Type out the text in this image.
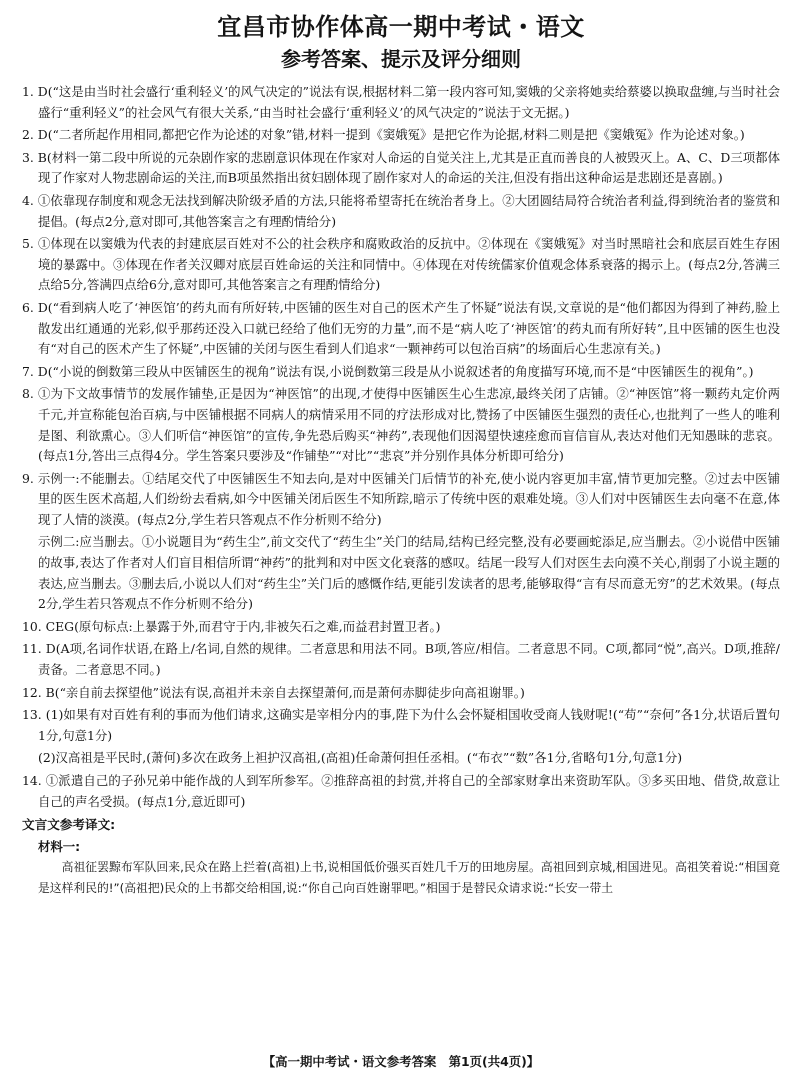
宜昌市协作体高一期中考试・语文
参考答案、提示及评分细则

1. D(“这是由当时社会盛行‘重利轻义’的风气决定的”说法有误,根据材料二第一段内容可知,窦娥的父亲将她卖给蔡婆以换取盘缠,与当时社会盛行“重利轻义”的社会风气有很大关系,“由当时社会盛行‘重利轻义’的风气决定的”说法于文无据。)

2. D(“二者所起作用相同,都把它作为论述的对象”错,材料一提到《窦娥冤》是把它作为论据,材料二则是把《窦娥冤》作为论述对象。)

3. B(材料一第二段中所说的元杂剧作家的悲剧意识体现在作家对人命运的自觉关注上,尤其是正直而善良的人被毁灭上。A、C、D三项都体现了作家对人物悲剧命运的关注,而B项虽然指出贫妇剧体现了剧作家对人的命运的关注,但没有指出这种命运是悲剧还是喜剧。)

4. ①依靠现存制度和观念无法找到解决阶级矛盾的方法,只能将希望寄托在统治者身上。②大团圆结局符合统治者利益,得到统治者的鉴赏和提倡。(每点2分,意对即可,其他答案言之有理酌情给分)

5. ①体现在以窦娥为代表的封建底层百姓对不公的社会秩序和腐败政治的反抗中。②体现在《窦娥冤》对当时黑暗社会和底层百姓生存困境的暴露中。③体现在作者关汉卿对底层百姓命运的关注和同情中。④体现在对传统儒家价值观念体系衰落的揭示上。(每点2分,答满三点给5分,答满四点给6分,意对即可,其他答案言之有理酌情给分)

6. D(“看到病人吃了‘神医馆’的药丸而有所好转,中医铺的医生对自己的医术产生了怀疑”说法有误,文章说的是“他们都因为得到了神药,脸上散发出红通通的光彩,似乎那药还没入口就已经给了他们无穷的力量”,而不是“病人吃了‘神医馆’的药丸而有所好转”,且中医铺的医生也没有“对自己的医术产生了怀疑”,中医铺的关闭与医生看到人们追求“一颗神药可以包治百病”的场面后心生悲凉有关。)

7. D(“小说的倒数第三段从中医铺医生的视角”说法有误,小说倒数第三段是从小说叙述者的角度描写环境,而不是“中医铺医生的视角”。)

8. ①为下文故事情节的发展作铺垫,正是因为“神医馆”的出现,才使得中医铺医生心生悲凉,最终关闭了店铺。②“神医馆”将一颗药丸定价两千元,并宣称能包治百病,与中医铺根据不同病人的病情采用不同的疗法形成对比,赞扬了中医铺医生强烈的责任心,也批判了一些人的唯利是图、利欲熏心。③人们听信“神医馆”的宣传,争先恐后购买“神药”,表现他们因渴望快速痊愈而盲信盲从,表达对他们无知愚昧的悲哀。(每点1分,答出三点得4分。学生答案只要涉及“作铺垫”“对比”“悲哀”并分别作具体分析即可给分)

9. 示例一:不能删去。①结尾交代了中医铺医生不知去向,是对中医铺关门后情节的补充,使小说内容更加丰富,情节更加完整。②过去中医铺里的医生医术高超,人们纷纷去看病,如今中医铺关闭后医生不知所踪,暗示了传统中医的艰难处境。③人们对中医铺医生去向毫不在意,体现了人情的淡漠。(每点2分,学生若只答观点不作分析则不给分)

示例二:应当删去。①小说题目为“药生尘”,前文交代了“药生尘”关门的结局,结构已经完整,没有必要画蛇添足,应当删去。②小说借中医铺的故事,表达了作者对人们盲目相信所谓“神药”的批判和对中医文化衰落的感叹。结尾一段写人们对医生去向漠不关心,削弱了小说主题的表达,应当删去。③删去后,小说以人们对“药生尘”关门后的感慨作结,更能引发读者的思考,能够取得“言有尽而意无穷”的艺术效果。(每点2分,学生若只答观点不作分析则不给分)

10. CEG(原句标点:上暴露于外,而君守于内,非被矢石之难,而益君封置卫者。)

11. D(A项,名词作状语,在路上/名词,自然的规律。二者意思和用法不同。B项,答应/相信。二者意思不同。C项,都同“悦”,高兴。D项,推辞/责备。二者意思不同。)

12. B(“亲自前去探望他”说法有误,高祖并未亲自去探望萧何,而是萧何赤脚徒步向高祖谢罪。)

13. (1)如果有对百姓有利的事而为他们请求,这确实是宰相分内的事,陛下为什么会怀疑相国收受商人钱财呢!(“苟”“奈何”各1分,状语后置句1分,句意1分)

(2)汉高祖是平民时,(萧何)多次在政务上袒护汉高祖,(高祖)任命萧何担任丞相。(“布衣”“数”各1分,省略句1分,句意1分)

14. ①派遣自己的子孙兄弟中能作战的人到军所参军。②推辞高祖的封赏,并将自己的全部家财拿出来资助军队。③多买田地、借贷,故意让自己的声名受损。(每点1分,意近即可)

文言文参考译文:

材料一:

高祖征罢黥布军队回来,民众在路上拦着(高祖)上书,说相国低价强买百姓几千万的田地房屋。高祖回到京城,相国进见。高祖笑着说:“相国竟是这样利民的!”(高祖把)民众的上书都交给相国,说:“你自己向百姓谢罪吧。”相国于是替民众请求说:“长安一带土

【高一期中考试・语文参考答案　第1页(共4页)】
